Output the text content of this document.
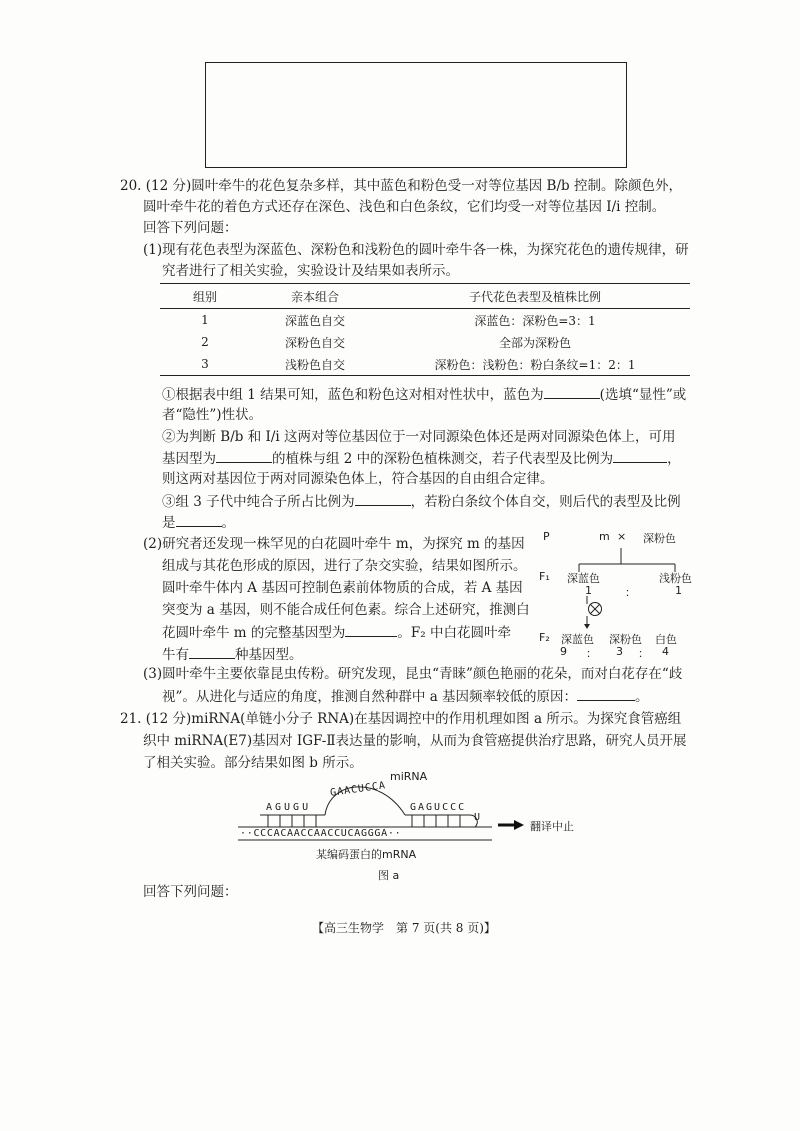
20. (12 分)圆叶牵牛的花色复杂多样，其中蓝色和粉色受一对等位基因 B/b 控制。除颜色外，
圆叶牵牛花的着色方式还存在深色、浅色和白色条纹，它们均受一对等位基因 I/i 控制。
回答下列问题：
(1)现有花色表型为深蓝色、深粉色和浅粉色的圆叶牵牛各一株，为探究花色的遗传规律，研
究者进行了相关实验，实验设计及结果如表所示。
组别	亲本组合	子代花色表型及植株比例
1	深蓝色自交	深蓝色：深粉色=3：1
2	深粉色自交	全部为深粉色
3	浅粉色自交	深粉色：浅粉色：粉白条纹=1：2：1
①根据表中组 1 结果可知，蓝色和粉色这对相对性状中，蓝色为	(选填“显性”或
者“隐性”)性状。
②为判断 B/b 和 I/i 这两对等位基因位于一对同源染色体还是两对同源染色体上，可用
基因型为	的植株与组 2 中的深粉色植株测交，若子代表型及比例为	，
则这两对基因位于两对同源染色体上，符合基因的自由组合定律。
③组 3 子代中纯合子所占比例为	，若粉白条纹个体自交，则后代的表型及比例
是	。
(2)研究者还发现一株罕见的白花圆叶牵牛 m，为探究 m 的基因
组成与其花色形成的原因，进行了杂交实验，结果如图所示。
圆叶牵牛体内 A 基因可控制色素前体物质的合成，若 A 基因
突变为 a 基因，则不能合成任何色素。综合上述研究，推测白
花圆叶牵牛 m 的完整基因型为	。F₂ 中白花圆叶牵
牛有	种基因型。
P	m × 深粉色
F₁ 深蓝色	浅粉色
1	：	1
F₂ 深蓝色 深粉色 白色
9 ： 3 ： 4
(3)圆叶牵牛主要依靠昆虫传粉。研究发现，昆虫“青睐”颜色艳丽的花朵，而对白花存在“歧
视”。从进化与适应的角度，推测自然种群中 a 基因频率较低的原因：	。
21. (12 分)miRNA(单链小分子 RNA)在基因调控中的作用机理如图 a 所示。为探究食管癌组
织中 miRNA(E7)基因对 IGF-Ⅱ表达量的影响，从而为食管癌提供治疗思路，研究人员开展
了相关实验。部分结果如图 b 所示。
miRNA
AGUGU
GAACUCCA
GAGUCCC
U
··CCCACAACCAACCUCAGGGA··
翻译中止
某编码蛋白的mRNA
图 a
回答下列问题：
【高三生物学　第 7 页(共 8 页)】
